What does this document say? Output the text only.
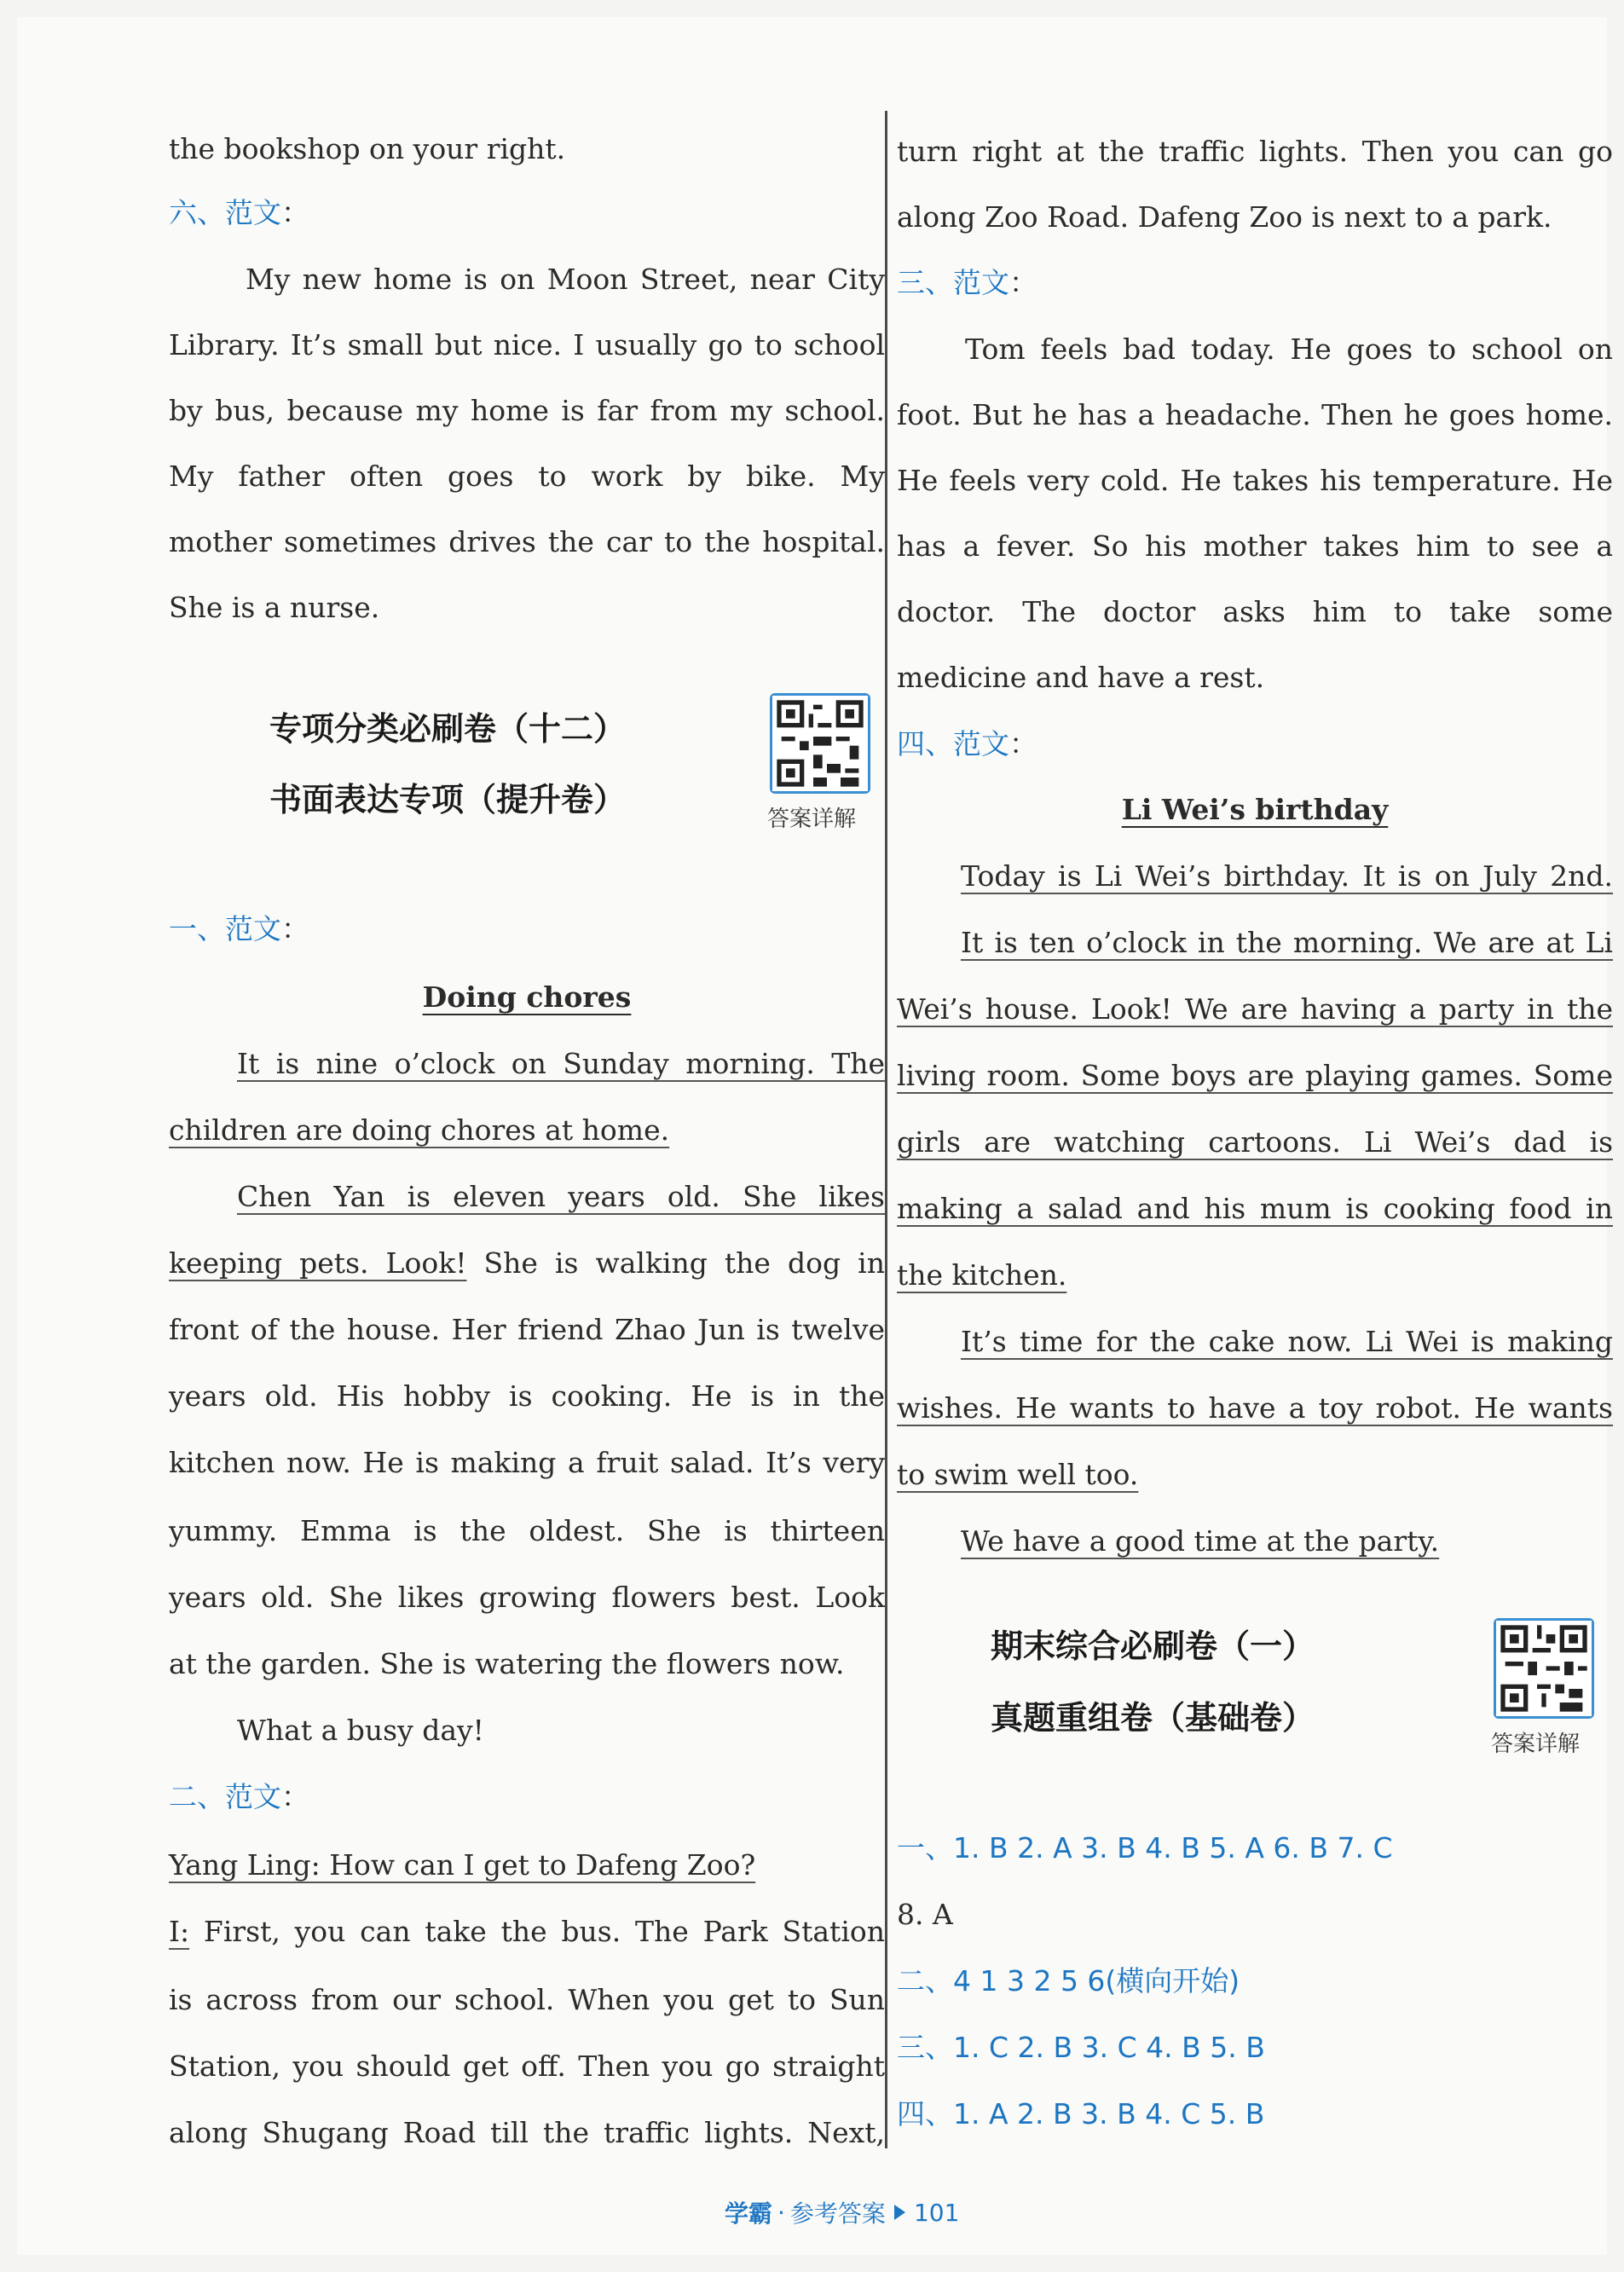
the bookshop on your right.
六、范文：
My new home is on Moon Street, near City
Library. It’s small but nice. I usually go to school
by bus, because my home is far from my school.
My father often goes to work by bike. My
mother sometimes drives the car to the hospital.
She is a nurse.
专项分类必刷卷（十二）
书面表达专项（提升卷）
答案详解
一、范文：
Doing chores
It is nine o’clock on Sunday morning. The
children are doing chores at home.
Chen Yan is eleven years old. She likes
keeping pets. Look! She is walking the dog in
front of the house. Her friend Zhao Jun is twelve
years old. His hobby is cooking. He is in the
kitchen now. He is making a fruit salad. It’s very
yummy. Emma is the oldest. She is thirteen
years old. She likes growing flowers best. Look
at the garden. She is watering the flowers now.
What a busy day!
二、范文：
Yang Ling: How can I get to Dafeng Zoo?
I: First, you can take the bus. The Park Station
is across from our school. When you get to Sun
Station, you should get off. Then you go straight
along Shugang Road till the traffic lights. Next,
turn right at the traffic lights. Then you can go
along Zoo Road. Dafeng Zoo is next to a park.
三、范文：
Tom feels bad today. He goes to school on
foot. But he has a headache. Then he goes home.
He feels very cold. He takes his temperature. He
has a fever. So his mother takes him to see a
doctor. The doctor asks him to take some
medicine and have a rest.
四、范文：
Li Wei’s birthday
Today is Li Wei’s birthday. It is on July 2nd.
It is ten o’clock in the morning. We are at Li
Wei’s house. Look! We are having a party in the
living room. Some boys are playing games. Some
girls are watching cartoons. Li Wei’s dad is
making a salad and his mum is cooking food in
the kitchen.
It’s time for the cake now. Li Wei is making
wishes. He wants to have a toy robot. He wants
to swim well too.
We have a good time at the party.
期末综合必刷卷（一）
真题重组卷（基础卷）
答案详解
一、1. B 2. A 3. B 4. B 5. A 6. B 7. C
8. A
二、4 1 3 2 5 6(横向开始)
三、1. C 2. B 3. C 4. B 5. B
四、1. A 2. B 3. B 4. C 5. B
学霸 · 参考答案 101
